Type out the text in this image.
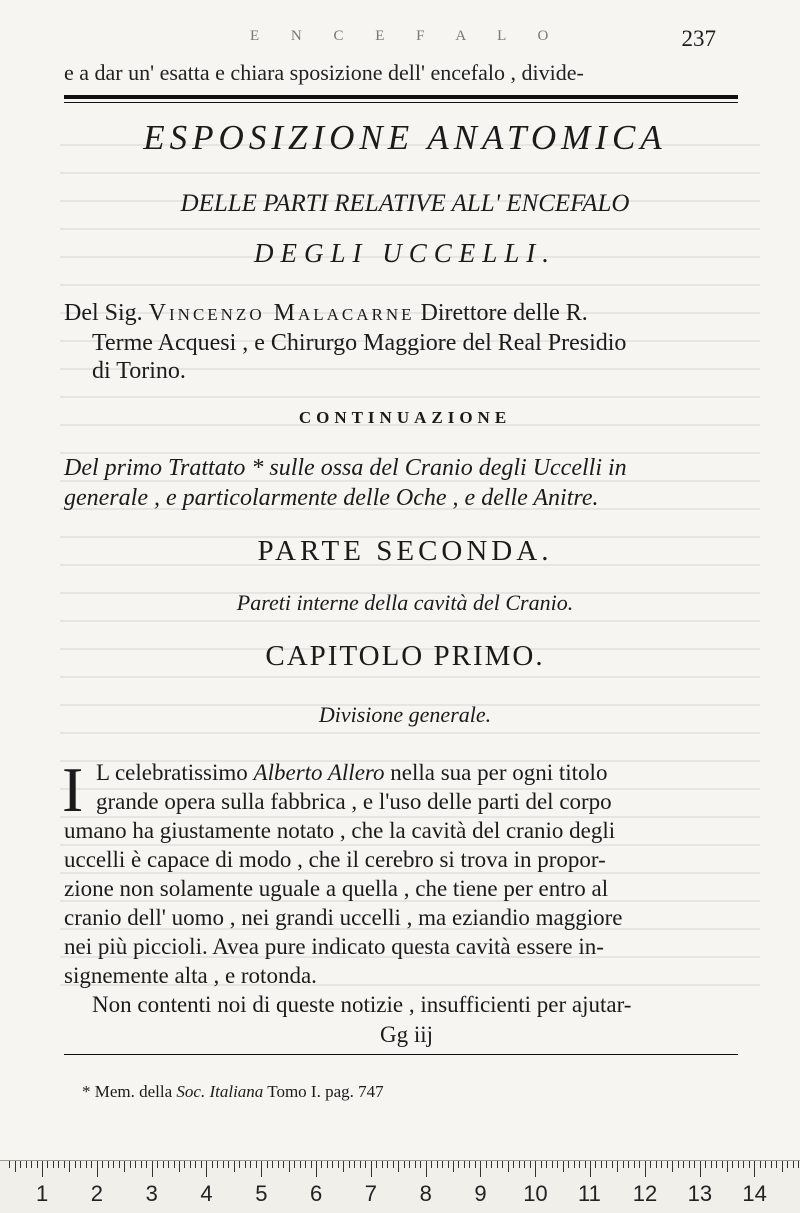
E N C E F A L O	237
e a dar un' esatta e chiara sposizione dell' encefalo , divide-
ESPOSIZIONE ANATOMICA
DELLE PARTI RELATIVE ALL' ENCEFALO
DEGLI UCCELLI.
Del Sig. Vincenzo Malacarne Direttore delle R.
Terme Acquesi , e Chirurgo Maggiore del Real Presidio
di Torino.
CONTINUAZIONE
Del primo Trattato * sulle ossa del Cranio degli Uccelli in
generale , e particolarmente delle Oche , e delle Anitre.
PARTE SECONDA.
Pareti interne della cavità del Cranio.
CAPITOLO PRIMO.
Divisione generale.
I L celebratissimo Alberto Allero nella sua per ogni titolo
grande opera sulla fabbrica , e l'uso delle parti del corpo
umano ha giustamente notato , che la cavità del cranio degli
uccelli è capace di modo , che il cerebro si trova in propor-
zione non solamente uguale a quella , che tiene per entro al
cranio dell' uomo , nei grandi uccelli , ma eziandio maggiore
nei più piccioli. Avea pure indicato questa cavità essere in-
signemente alta , e rotonda.
Non contenti noi di queste notizie , insufficienti per ajutar-
Gg iij
* Mem. della Soc. Italiana Tomo I. pag. 747
1 2 3 4 5 6 7 8 9 10 11 12 13 14
